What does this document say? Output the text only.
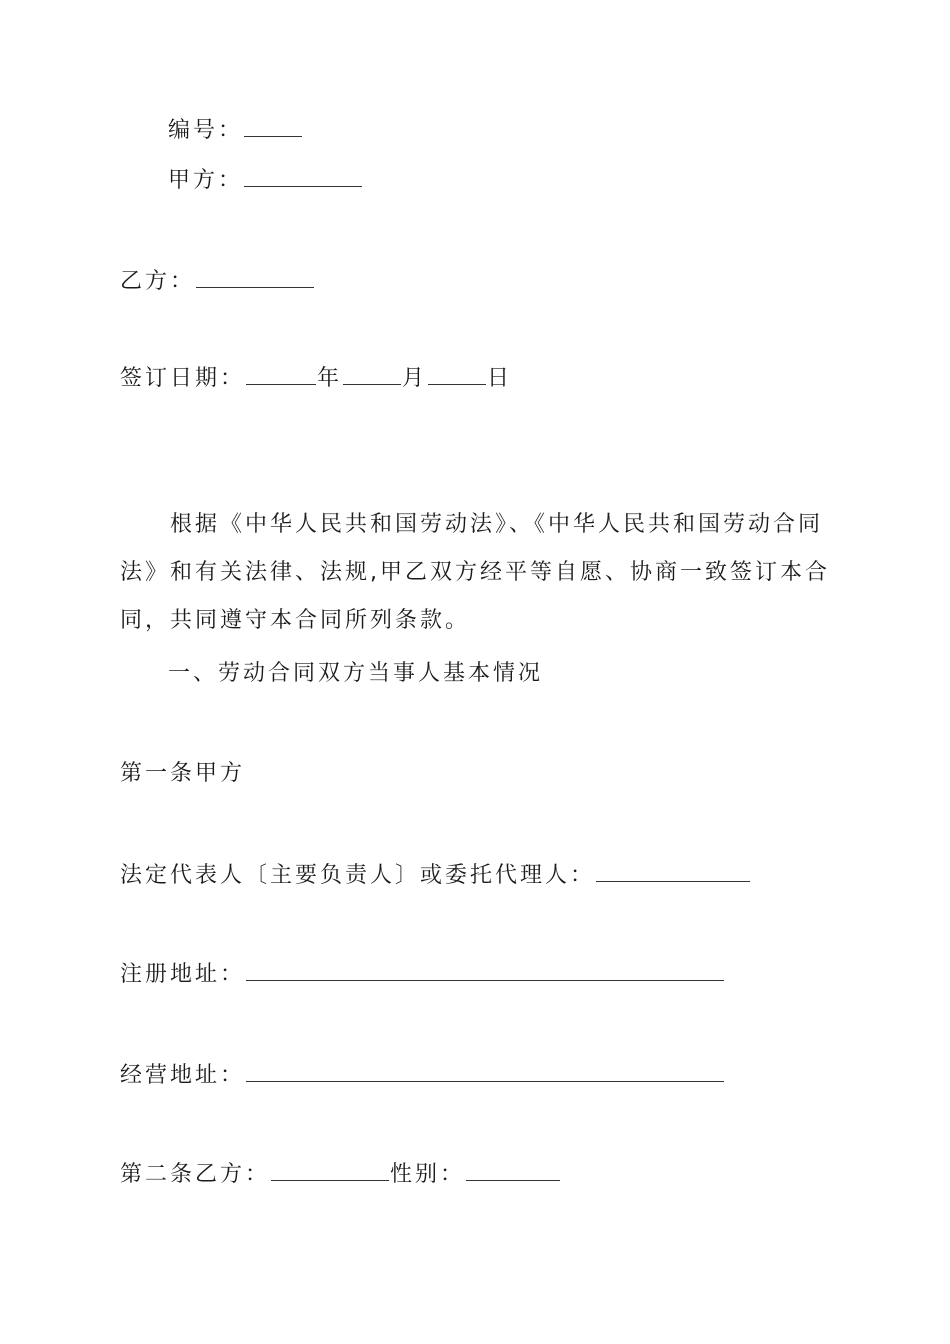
编号：
甲方：
乙方：
签订日期：	年	月	日
根据《中华人民共和国劳动法》、《中华人民共和国劳动合同法》和有关法律、法规,甲乙双方经平等自愿、协商一致签订本合同，共同遵守本合同所列条款。
一、劳动合同双方当事人基本情况
第一条甲方
法定代表人〔主要负责人〕或委托代理人：
注册地址：
经营地址：
第二条乙方：	性别：
